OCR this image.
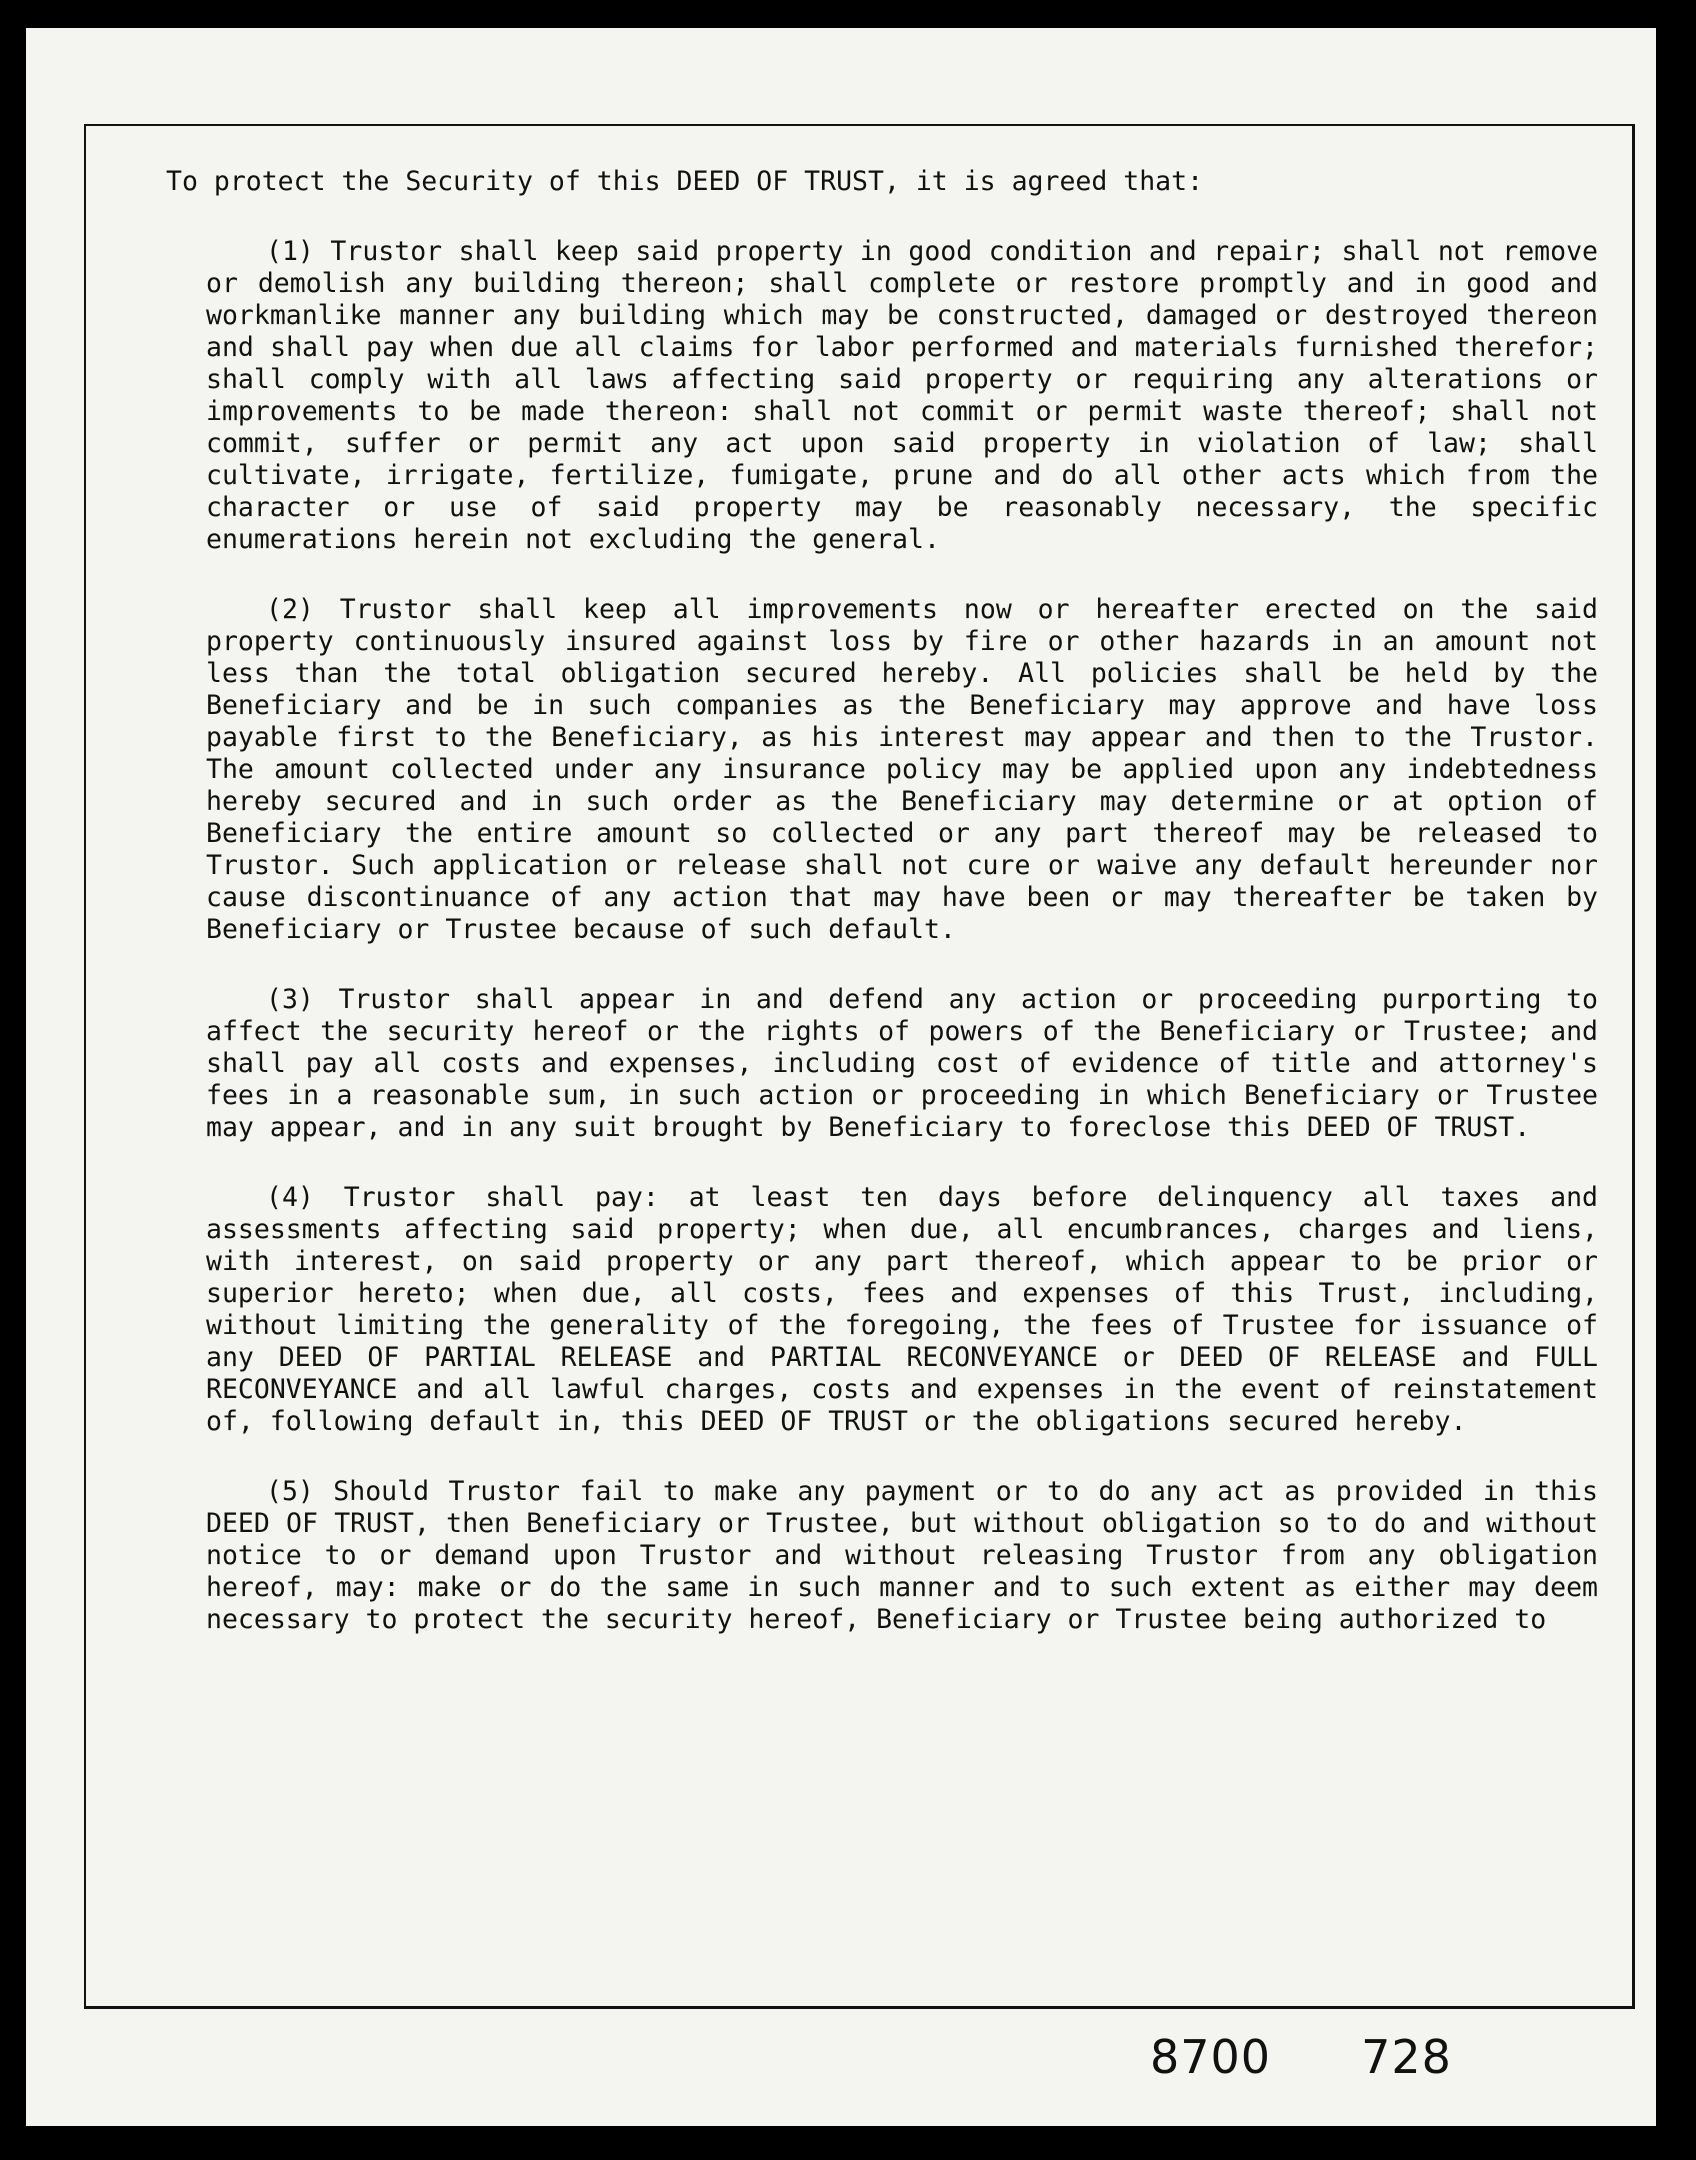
To protect the Security of this DEED OF TRUST, it is agreed that:

(1) Trustor shall keep said property in good condition and repair; shall not remove or demolish any building thereon; shall complete or restore promptly and in good and workmanlike manner any building which may be constructed, damaged or destroyed thereon and shall pay when due all claims for labor performed and materials furnished therefor; shall comply with all laws affecting said property or requiring any alterations or improvements to be made thereon: shall not commit or permit waste thereof; shall not commit, suffer or permit any act upon said property in violation of law; shall cultivate, irrigate, fertilize, fumigate, prune and do all other acts which from the character or use of said property may be reasonably necessary, the specific enumerations herein not excluding the general.

(2) Trustor shall keep all improvements now or hereafter erected on the said property continuously insured against loss by fire or other hazards in an amount not less than the total obligation secured hereby. All policies shall be held by the Beneficiary and be in such companies as the Beneficiary may approve and have loss payable first to the Beneficiary, as his interest may appear and then to the Trustor. The amount collected under any insurance policy may be applied upon any indebtedness hereby secured and in such order as the Beneficiary may determine or at option of Beneficiary the entire amount so collected or any part thereof may be released to Trustor. Such application or release shall not cure or waive any default hereunder nor cause discontinuance of any action that may have been or may thereafter be taken by Beneficiary or Trustee because of such default.

(3) Trustor shall appear in and defend any action or proceeding purporting to affect the security hereof or the rights of powers of the Beneficiary or Trustee; and shall pay all costs and expenses, including cost of evidence of title and attorney's fees in a reasonable sum, in such action or proceeding in which Beneficiary or Trustee may appear, and in any suit brought by Beneficiary to foreclose this DEED OF TRUST.

(4) Trustor shall pay: at least ten days before delinquency all taxes and assessments affecting said property; when due, all encumbrances, charges and liens, with interest, on said property or any part thereof, which appear to be prior or superior hereto; when due, all costs, fees and expenses of this Trust, including, without limiting the generality of the foregoing, the fees of Trustee for issuance of any DEED OF PARTIAL RELEASE and PARTIAL RECONVEYANCE or DEED OF RELEASE and FULL RECONVEYANCE and all lawful charges, costs and expenses in the event of reinstatement of, following default in, this DEED OF TRUST or the obligations secured hereby.

(5) Should Trustor fail to make any payment or to do any act as provided in this DEED OF TRUST, then Beneficiary or Trustee, but without obligation so to do and without notice to or demand upon Trustor and without releasing Trustor from any obligation hereof, may: make or do the same in such manner and to such extent as either may deem necessary to protect the security hereof, Beneficiary or Trustee being authorized to

8700 728
